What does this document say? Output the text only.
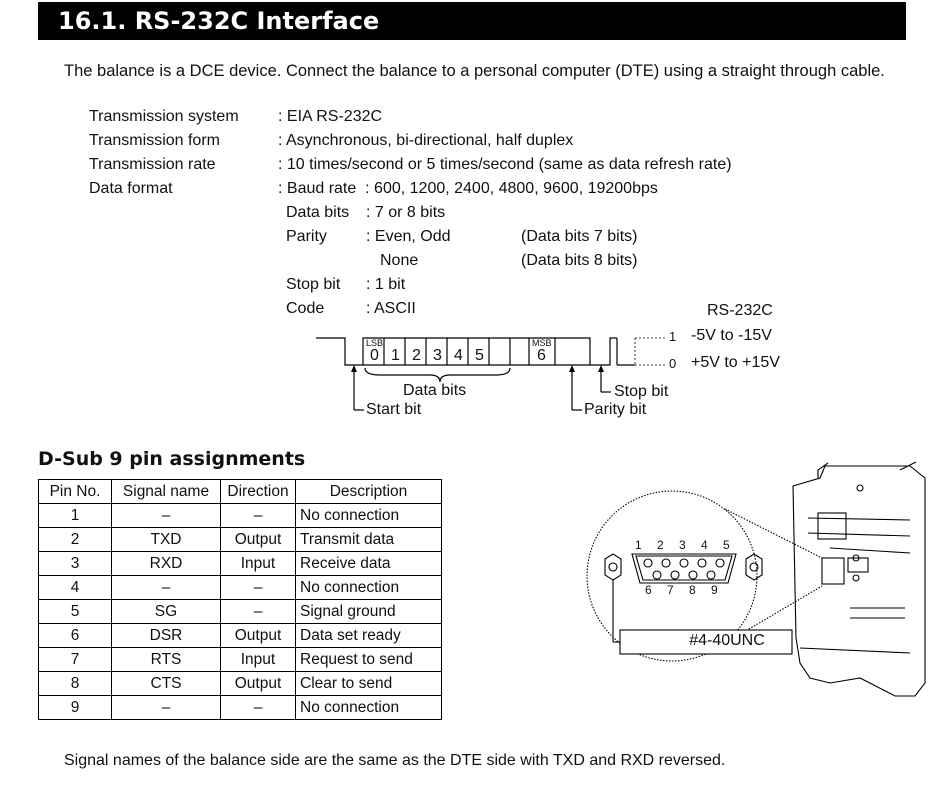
16.1. RS-232C Interface
The balance is a DCE device. Connect the balance to a personal computer (DTE) using a straight through cable.
Transmission system : EIA RS-232C
Transmission form	: Asynchronous, bi-directional, half duplex
Transmission rate	: 10 times/second or 5 times/second (same as data refresh rate)
Data format	: Baud rate  : 600, 1200, 2400, 4800, 9600, 19200bps
Data bits : 7 or 8 bits
Parity : Even, Odd	(Data bits 7 bits)
None	(Data bits 8 bits)
Stop bit : 1 bit
Code	: ASCII
LSB	MSB
0 1 2 3 4 5	6
Data bits
Start bit	Parity bit
Stop bit
RS-232C
1 -5V to -15V
0 +5V to +15V
D-Sub 9 pin assignments
Pin No.	Signal name	Direction	Description
1	–	–	No connection
2	TXD	Output	Transmit data
3	RXD	Input	Receive data
4	–	–	No connection
5	SG	–	Signal ground
6	DSR	Output	Data set ready
7	RTS	Input	Request to send
8	CTS	Output	Clear to send
9	–	–	No connection
1 2 3 4 5
6 7 8 9
#4-40UNC
Signal names of the balance side are the same as the DTE side with TXD and RXD reversed.
